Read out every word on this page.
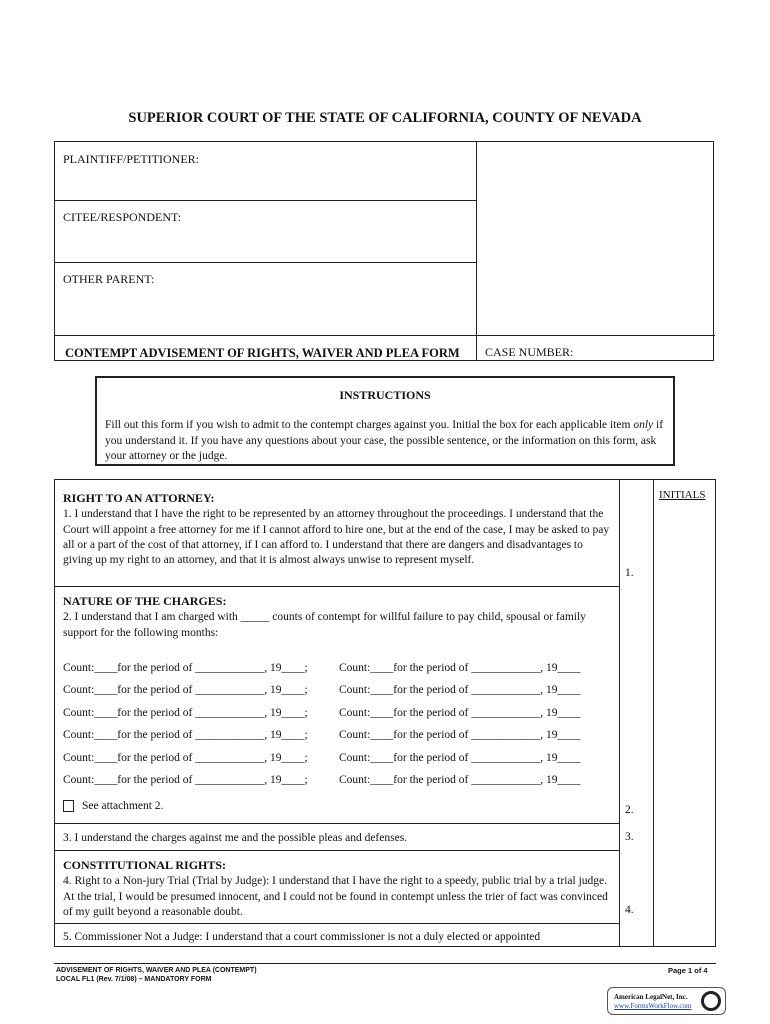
SUPERIOR COURT OF THE STATE OF CALIFORNIA, COUNTY OF NEVADA
PLAINTIFF/PETITIONER:
CITEE/RESPONDENT:
OTHER PARENT:
CONTEMPT ADVISEMENT OF RIGHTS, WAIVER AND PLEA FORM CASE NUMBER:
INSTRUCTIONS
Fill out this form if you wish to admit to the contempt charges against you. Initial the box for each applicable item only if you understand it. If you have any questions about your case, the possible sentence, or the information on this form, ask your attorney or the judge.
INITIALS
RIGHT TO AN ATTORNEY:
1. I understand that I have the right to be represented by an attorney throughout the proceedings. I understand that the Court will appoint a free attorney for me if I cannot afford to hire one, but at the end of the case, I may be asked to pay all or a part of the cost of that attorney, if I can afford to. I understand that there are dangers and disadvantages to giving up my right to an attorney, and that it is almost always unwise to represent myself.
1.
NATURE OF THE CHARGES:
2. I understand that I am charged with _____ counts of contempt for willful failure to pay child, spousal or family support for the following months:
Count:____for the period of ____________, 19____;	Count:____for the period of ____________, 19____
Count:____for the period of ____________, 19____;	Count:____for the period of ____________, 19____
Count:____for the period of ____________, 19____;	Count:____for the period of ____________, 19____
Count:____for the period of ____________, 19____;	Count:____for the period of ____________, 19____
Count:____for the period of ____________, 19____;	Count:____for the period of ____________, 19____
Count:____for the period of ____________, 19____;	Count:____for the period of ____________, 19____
See attachment 2.	2.
3. I understand the charges against me and the possible pleas and defenses.	3.
CONSTITUTIONAL RIGHTS:
4. Right to a Non-jury Trial (Trial by Judge): I understand that I have the right to a speedy, public trial by a trial judge. At the trial, I would be presumed innocent, and I could not be found in contempt unless the trier of fact was convinced of my guilt beyond a reasonable doubt.	4.
5. Commissioner Not a Judge: I understand that a court commissioner is not a duly elected or appointed
ADVISEMENT OF RIGHTS, WAIVER AND PLEA (CONTEMPT)
LOCAL FL1 (Rev. 7/1/08) – MANDATORY FORM
Page 1 of 4
American LegalNet, Inc.
www.FormsWorkFlow.com
